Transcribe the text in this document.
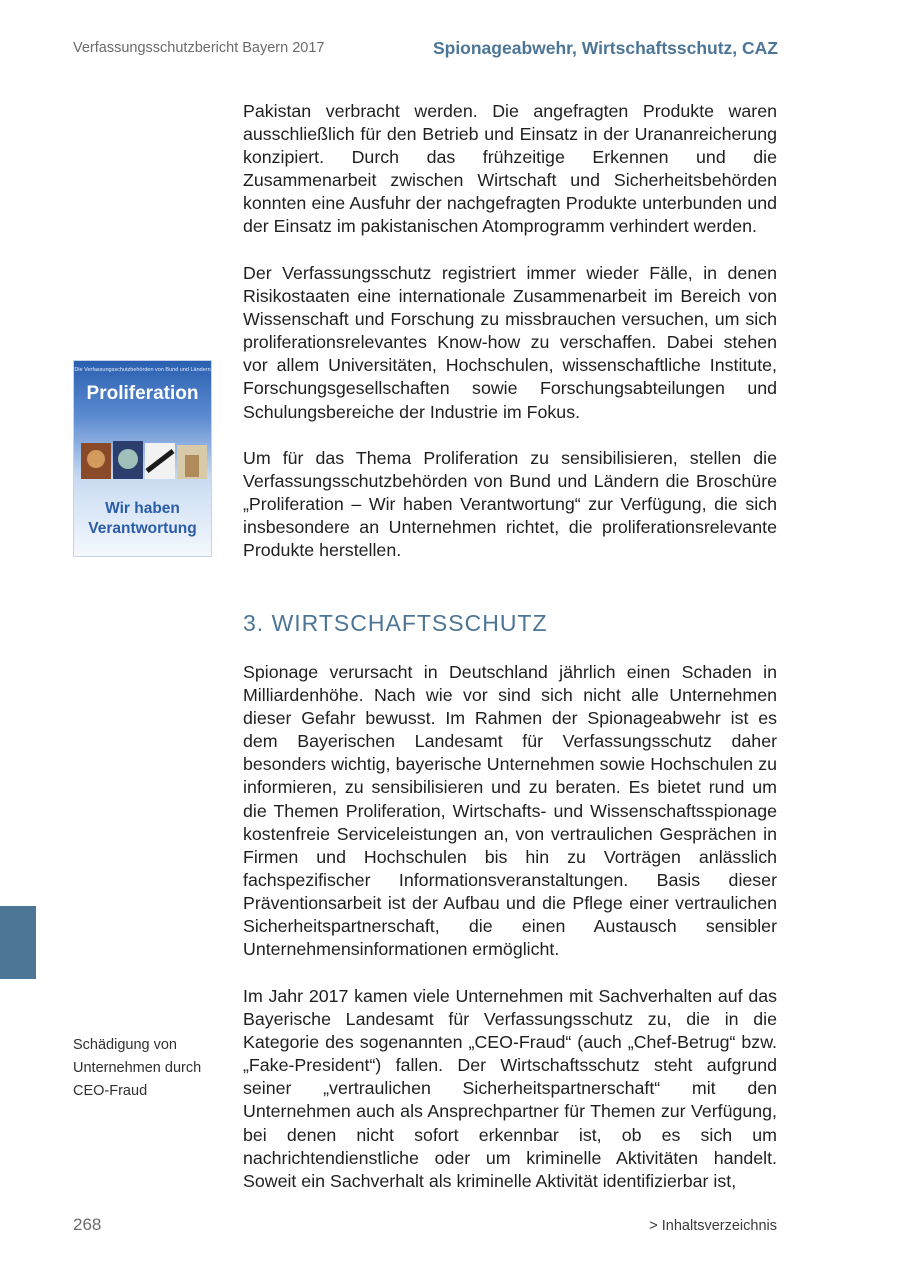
Verfassungsschutzbericht Bayern 2017	Spionageabwehr, Wirtschaftsschutz, CAZ

Pakistan verbracht werden. Die angefragten Produkte waren ausschließlich für den Betrieb und Einsatz in der Urananreicherung konzipiert. Durch das frühzeitige Erkennen und die Zusammenarbeit zwischen Wirtschaft und Sicherheitsbehörden konnten eine Ausfuhr der nachgefragten Produkte unterbunden und der Einsatz im pakistanischen Atomprogramm verhindert werden.

Der Verfassungsschutz registriert immer wieder Fälle, in denen Risikostaaten eine internationale Zusammenarbeit im Bereich von Wissenschaft und Forschung zu missbrauchen versuchen, um sich proliferationsrelevantes Know-how zu verschaffen. Dabei stehen vor allem Universitäten, Hochschulen, wissenschaftliche Institute, Forschungsgesellschaften sowie Forschungsabteilungen und Schulungsbereiche der Industrie im Fokus.

Um für das Thema Proliferation zu sensibilisieren, stellen die Verfassungsschutzbehörden von Bund und Ländern die Broschüre „Proliferation – Wir haben Verantwortung“ zur Verfügung, die sich insbesondere an Unternehmen richtet, die proliferationsrelevante Produkte herstellen.

Die Verfassungsschutzbehörden von Bund und Ländern
Proliferation
Wir haben
Verantwortung
3. WIRTSCHAFTSSCHUTZ

Spionage verursacht in Deutschland jährlich einen Schaden in Milliardenhöhe. Nach wie vor sind sich nicht alle Unternehmen dieser Gefahr bewusst. Im Rahmen der Spionageabwehr ist es dem Bayerischen Landesamt für Verfassungsschutz daher besonders wichtig, bayerische Unternehmen sowie Hochschulen zu informieren, zu sensibilisieren und zu beraten. Es bietet rund um die Themen Proliferation, Wirtschafts- und Wissenschaftsspionage kostenfreie Serviceleistungen an, von vertraulichen Gesprächen in Firmen und Hochschulen bis hin zu Vorträgen anlässlich fachspezifischer Informationsveranstaltungen. Basis dieser Präventionsarbeit ist der Aufbau und die Pflege einer vertraulichen Sicherheitspartnerschaft, die einen Austausch sensibler Unternehmensinformationen ermöglicht.

Schädigung von
Unternehmen durch
CEO-Fraud

Im Jahr 2017 kamen viele Unternehmen mit Sachverhalten auf das Bayerische Landesamt für Verfassungsschutz zu, die in die Kategorie des sogenannten „CEO-Fraud“ (auch „Chef-Betrug“ bzw. „Fake-President“) fallen. Der Wirtschaftsschutz steht aufgrund seiner „vertraulichen Sicherheitspartnerschaft“ mit den Unternehmen auch als Ansprechpartner für Themen zur Verfügung, bei denen nicht sofort erkennbar ist, ob es sich um nachrichtendienstliche oder um kriminelle Aktivitäten handelt. Soweit ein Sachverhalt als kriminelle Aktivität identifizierbar ist,

268	> Inhaltsverzeichnis
